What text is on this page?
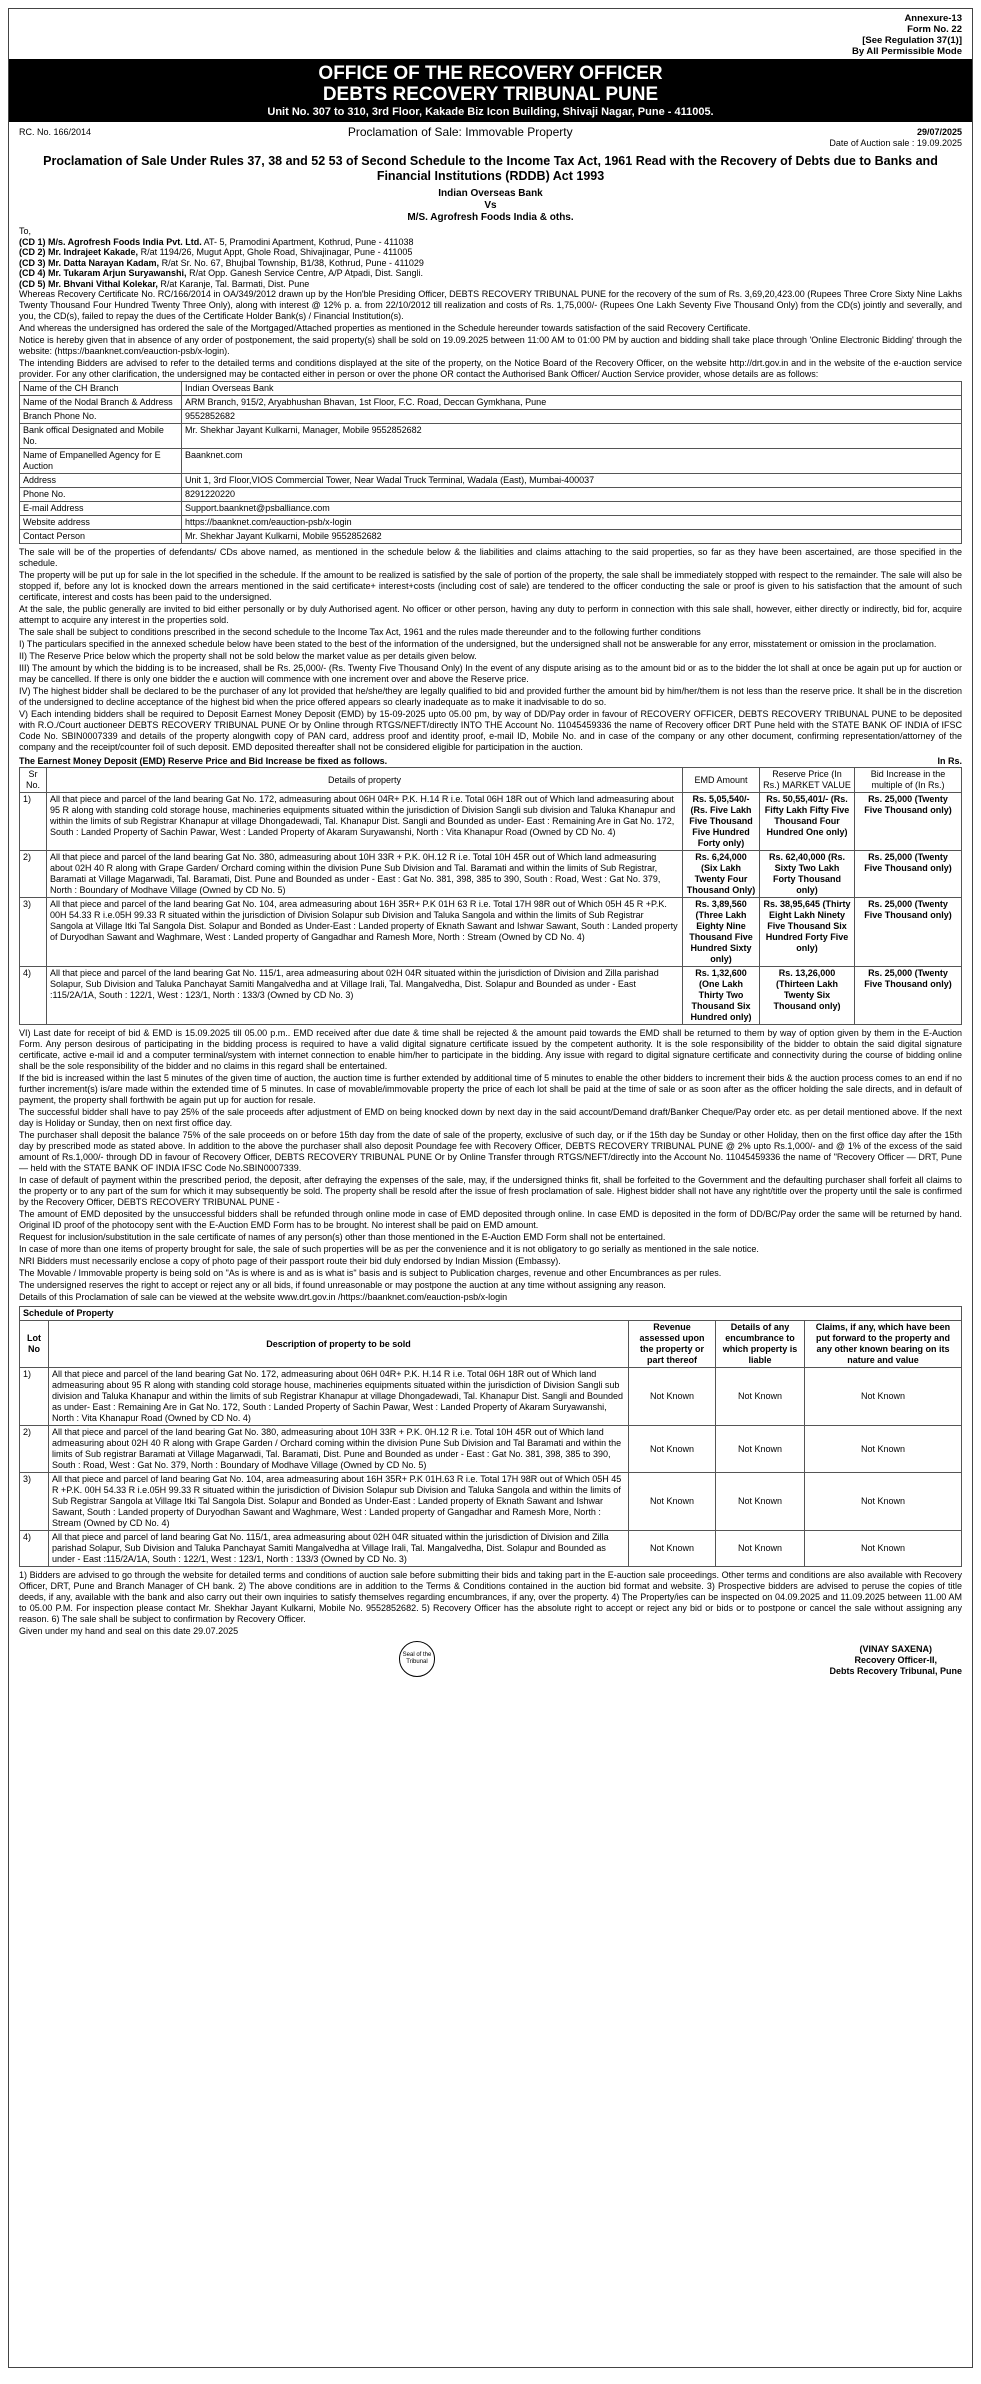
Annexure-13
Form No. 22
[See Regulation 37(1)]
By All Permissible Mode
OFFICE OF THE RECOVERY OFFICER
DEBTS RECOVERY TRIBUNAL PUNE
Unit No. 307 to 310, 3rd Floor, Kakade Biz Icon Building, Shivaji Nagar, Pune - 411005.
RC. No. 166/2014	Proclamation of Sale: Immovable Property	29/07/2025
Date of Auction sale : 19.09.2025
Proclamation of Sale Under Rules 37, 38 and 52 53 of Second Schedule to the Income Tax Act, 1961 Read with the Recovery of Debts due to Banks and Financial Institutions (RDDB) Act 1993
Indian Overseas Bank
Vs
M/S. Agrofresh Foods India & oths.
To,
(CD 1) M/s. Agrofresh Foods India Pvt. Ltd. AT- 5, Pramodini Apartment, Kothrud, Pune - 411038
(CD 2) Mr. Indrajeet Kakade, R/at 1194/26, Mugut Appt, Ghole Road, Shivajinagar, Pune - 411005
(CD 3) Mr. Datta Narayan Kadam, R/at Sr. No. 67, Bhujbal Township, B1/38, Kothrud, Pune - 411029
(CD 4) Mr. Tukaram Arjun Suryawanshi, R/at Opp. Ganesh Service Centre, A/P Atpadi, Dist. Sangli.
(CD 5) Mr. Bhvani Vithal Kolekar, R/at Karanje, Tal. Barmati, Dist. Pune

Whereas Recovery Certificate No. RC/166/2014 in OA/349/2012 drawn up by the Hon'ble Presiding Officer, DEBTS RECOVERY TRIBUNAL PUNE for the recovery of the sum of Rs. 3,69,20,423.00 (Rupees Three Crore Sixty Nine Lakhs Twenty Thousand Four Hundred Twenty Three Only), along with interest @ 12% p. a. from 22/10/2012 till realization and costs of Rs. 1,75,000/- (Rupees One Lakh Seventy Five Thousand Only) from the CD(s) jointly and severally, and you, the CD(s), failed to repay the dues of the Certificate Holder Bank(s) / Financial Institution(s).

And whereas the undersigned has ordered the sale of the Mortgaged/Attached properties as mentioned in the Schedule hereunder towards satisfaction of the said Recovery Certificate.

Notice is hereby given that in absence of any order of postponement, the said property(s) shall be sold on 19.09.2025 between 11:00 AM to 01:00 PM by auction and bidding shall take place through 'Online Electronic Bidding' through the website: (https://baanknet.com/eauction-psb/x-login).

The intending Bidders are advised to refer to the detailed terms and conditions displayed at the site of the property, on the Notice Board of the Recovery Officer, on the website http://drt.gov.in and in the website of the e-auction service provider. For any other clarification, the undersigned may be contacted either in person or over the phone OR contact the Authorised Bank Officer/ Auction Service provider, whose details are as follows:

Name of the CH Branch	Indian Overseas Bank
Name of the Nodal Branch & Address	ARM Branch, 915/2, Aryabhushan Bhavan, 1st Floor, F.C. Road, Deccan Gymkhana, Pune
Branch Phone No.	9552852682
Bank offical Designated and Mobile No.	Mr. Shekhar Jayant Kulkarni, Manager, Mobile 9552852682
Name of Empanelled Agency for E Auction	Baanknet.com
Address	Unit 1, 3rd Floor,VIOS Commercial Tower, Near Wadal Truck Terminal, Wadala (East), Mumbai-400037
Phone No.	8291220220
E-mail Address	Support.baanknet@psballiance.com
Website address	https://baanknet.com/eauction-psb/x-login
Contact Person	Mr. Shekhar Jayant Kulkarni, Mobile 9552852682

The sale will be of the properties of defendants/ CDs above named, as mentioned in the schedule below & the liabilities and claims attaching to the said properties, so far as they have been ascertained, are those specified in the schedule.

The property will be put up for sale in the lot specified in the schedule. If the amount to be realized is satisfied by the sale of portion of the property, the sale shall be immediately stopped with respect to the remainder. The sale will also be stopped if, before any lot is knocked down the arrears mentioned in the said certificate+ interest+costs (including cost of sale) are tendered to the officer conducting the sale or proof is given to his satisfaction that the amount of such certificate, interest and costs has been paid to the undersigned.

At the sale, the public generally are invited to bid either personally or by duly Authorised agent. No officer or other person, having any duty to perform in connection with this sale shall, however, either directly or indirectly, bid for, acquire attempt to acquire any interest in the properties sold.

The sale shall be subject to conditions prescribed in the second schedule to the Income Tax Act, 1961 and the rules made thereunder and to the following further conditions

I) The particulars specified in the annexed schedule below have been stated to the best of the information of the undersigned, but the undersigned shall not be answerable for any error, misstatement or omission in the proclamation.

II) The Reserve Price below which the property shall not be sold below the market value as per details given below.

III) The amount by which the bidding is to be increased, shall be Rs. 25,000/- (Rs. Twenty Five Thousand Only) In the event of any dispute arising as to the amount bid or as to the bidder the lot shall at once be again put up for auction or may be cancelled. If there is only one bidder the e auction will commence with one increment over and above the Reserve price.

IV) The highest bidder shall be declared to be the purchaser of any lot provided that he/she/they are legally qualified to bid and provided further the amount bid by him/her/them is not less than the reserve price. It shall be in the discretion of the undersigned to decline acceptance of the highest bid when the price offered appears so clearly inadequate as to make it inadvisable to do so.

V) Each intending bidders shall be required to Deposit Earnest Money Deposit (EMD) by 15-09-2025 upto 05.00 pm, by way of DD/Pay order in favour of RECOVERY OFFICER, DEBTS RECOVERY TRIBUNAL PUNE to be deposited with R.O./Court auctioneer DEBTS RECOVERY TRIBUNAL PUNE Or by Online through RTGS/NEFT/directly INTO THE Account No. 11045459336 the name of Recovery officer DRT Pune held with the STATE BANK OF INDIA of IFSC Code No. SBIN0007339 and details of the property alongwith copy of PAN card, address proof and identity proof, e-mail ID, Mobile No. and in case of the company or any other document, confirming representation/attorney of the company and the receipt/counter foil of such deposit. EMD deposited thereafter shall not be considered eligible for participation in the auction.

The Earnest Money Deposit (EMD) Reserve Price and Bid Increase be fixed as follows.	In Rs.
Sr No.	Details of property	EMD Amount	Reserve Price (In Rs.) MARKET VALUE	Bid Increase in the multiple of (In Rs.)
1)	All that piece and parcel of the land bearing Gat No. 172, admeasuring about 06H 04R+ P.K. H.14 R i.e. Total 06H 18R out of Which land admeasuring about 95 R along with standing cold storage house, machineries equipments situated within the jurisdiction of Division Sangli sub division and Taluka Khanapur and within the limits of sub Registrar Khanapur at village Dhongadewadi, Tal. Khanapur Dist. Sangli and Bounded as under- East : Remaining Are in Gat No. 172, South : Landed Property of Sachin Pawar, West : Landed Property of Akaram Suryawanshi, North : Vita Khanapur Road (Owned by CD No. 4)	Rs. 5,05,540/- (Rs. Five Lakh Five Thousand Five Hundred Forty only)	Rs. 50,55,401/- (Rs. Fifty Lakh Fifty Five Thousand Four Hundred One only)	Rs. 25,000 (Twenty Five Thousand only)
2)	All that piece and parcel of the land bearing Gat No. 380, admeasuring about 10H 33R + P.K. 0H.12 R i.e. Total 10H 45R out of Which land admeasuring about 02H 40 R along with Grape Garden/ Orchard coming within the division Pune Sub Division and Tal. Baramati and within the limits of Sub Registrar, Baramati at Village Magarwadi, Tal. Baramati, Dist. Pune and Bounded as under - East : Gat No. 381, 398, 385 to 390, South : Road, West : Gat No. 379, North : Boundary of Modhave Village (Owned by CD No. 5)	Rs. 6,24,000 (Six Lakh Twenty Four Thousand Only)	Rs. 62,40,000 (Rs. Sixty Two Lakh Forty Thousand only)	Rs. 25,000 (Twenty Five Thousand only)
3)	All that piece and parcel of the land bearing Gat No. 104, area admeasuring about 16H 35R+ P.K 01H 63 R i.e. Total 17H 98R out of Which 05H 45 R +P.K. 00H 54.33 R i.e.05H 99.33 R situated within the jurisdiction of Division Solapur sub Division and Taluka Sangola and within the limits of Sub Registrar Sangola at Village Itki Tal Sangola Dist. Solapur and Bonded as Under-East : Landed property of Eknath Sawant and Ishwar Sawant, South : Landed property of Duryodhan Sawant and Waghmare, West : Landed property of Gangadhar and Ramesh More, North : Stream (Owned by CD No. 4)	Rs. 3,89,560 (Three Lakh Eighty Nine Thousand Five Hundred Sixty only)	Rs. 38,95,645 (Thirty Eight Lakh Ninety Five Thousand Six Hundred Forty Five only)	Rs. 25,000 (Twenty Five Thousand only)
4)	All that piece and parcel of the land bearing Gat No. 115/1, area admeasuring about 02H 04R situated within the jurisdiction of Division and Zilla parishad Solapur, Sub Division and Taluka Panchayat Samiti Mangalvedha and at Village Irali, Tal. Mangalvedha, Dist. Solapur and Bounded as under - East :115/2A/1A, South : 122/1, West : 123/1, North : 133/3 (Owned by CD No. 3)	Rs. 1,32,600 (One Lakh Thirty Two Thousand Six Hundred only)	Rs. 13,26,000 (Thirteen Lakh Twenty Six Thousand only)	Rs. 25,000 (Twenty Five Thousand only)

VI) Last date for receipt of bid & EMD is 15.09.2025 till 05.00 p.m.. EMD received after due date & time shall be rejected & the amount paid towards the EMD shall be returned to them by way of option given by them in the E-Auction Form. Any person desirous of participating in the bidding process is required to have a valid digital signature certificate issued by the competent authority. It is the sole responsibility of the bidder to obtain the said digital signature certificate, active e-mail id and a computer terminal/system with internet connection to enable him/her to participate in the bidding. Any issue with regard to digital signature certificate and connectivity during the course of bidding online shall be the sole responsibility of the bidder and no claims in this regard shall be entertained.

If the bid is increased within the last 5 minutes of the given time of auction, the auction time is further extended by additional time of 5 minutes to enable the other bidders to increment their bids & the auction process comes to an end if no further increment(s) is/are made within the extended time of 5 minutes. In case of movable/immovable property the price of each lot shall be paid at the time of sale or as soon after as the officer holding the sale directs, and in default of payment, the property shall forthwith be again put up for auction for resale.

The successful bidder shall have to pay 25% of the sale proceeds after adjustment of EMD on being knocked down by next day in the said account/Demand draft/Banker Cheque/Pay order etc. as per detail mentioned above. If the next day is Holiday or Sunday, then on next first office day.

The purchaser shall deposit the balance 75% of the sale proceeds on or before 15th day from the date of sale of the property, exclusive of such day, or if the 15th day be Sunday or other Holiday, then on the first office day after the 15th day by prescribed mode as stated above. In addition to the above the purchaser shall also deposit Poundage fee with Recovery Officer, DEBTS RECOVERY TRIBUNAL PUNE @ 2% upto Rs.1,000/- and @ 1% of the excess of the said amount of Rs.1,000/- through DD in favour of Recovery Officer, DEBTS RECOVERY TRIBUNAL PUNE Or by Online Transfer through RTGS/NEFT/directly into the Account No. 11045459336 the name of "Recovery Officer — DRT, Pune — held with the STATE BANK OF INDIA IFSC Code No.SBIN0007339.

In case of default of payment within the prescribed period, the deposit, after defraying the expenses of the sale, may, if the undersigned thinks fit, shall be forfeited to the Government and the defaulting purchaser shall forfeit all claims to the property or to any part of the sum for which it may subsequently be sold. The property shall be resold after the issue of fresh proclamation of sale. Highest bidder shall not have any right/title over the property until the sale is confirmed by the Recovery Officer, DEBTS RECOVERY TRIBUNAL PUNE -

The amount of EMD deposited by the unsuccessful bidders shall be refunded through online mode in case of EMD deposited through online. In case EMD is deposited in the form of DD/BC/Pay order the same will be returned by hand. Original ID proof of the photocopy sent with the E-Auction EMD Form has to be brought. No interest shall be paid on EMD amount.

Request for inclusion/substitution in the sale certificate of names of any person(s) other than those mentioned in the E-Auction EMD Form shall not be entertained.

In case of more than one items of property brought for sale, the sale of such properties will be as per the convenience and it is not obligatory to go serially as mentioned in the sale notice.

NRI Bidders must necessarily enclose a copy of photo page of their passport route their bid duly endorsed by Indian Mission (Embassy).

The Movable / Immovable property is being sold on "As is where is and as is what is" basis and is subject to Publication charges, revenue and other Encumbrances as per rules.

The undersigned reserves the right to accept or reject any or all bids, if found unreasonable or may postpone the auction at any time without assigning any reason.

Details of this Proclamation of sale can be viewed at the website www.drt.gov.in /https://baanknet.com/eauction-psb/x-login

Schedule of Property				
Lot No	Description of property to be sold	Revenue assessed upon the property or part thereof	Details of any encumbrance to which property is liable	Claims, if any, which have been put forward to the property and any other known bearing on its nature and value
1)	All that piece and parcel of the land bearing Gat No. 172, admeasuring about 06H 04R+ P.K. H.14 R i.e. Total 06H 18R out of Which land admeasuring about 95 R along with standing cold storage house, machineries equipments situated within the jurisdiction of Division Sangli sub division and Taluka Khanapur and within the limits of sub Registrar Khanapur at village Dhongadewadi, Tal. Khanapur Dist. Sangli and Bounded as under- East : Remaining Are in Gat No. 172, South : Landed Property of Sachin Pawar, West : Landed Property of Akaram Suryawanshi, North : Vita Khanapur Road (Owned by CD No. 4)	Not Known	Not Known	Not Known
2)	All that piece and parcel of the land bearing Gat No. 380, admeasuring about 10H 33R + P.K. 0H.12 R i.e. Total 10H 45R out of Which land admeasuring about 02H 40 R along with Grape Garden / Orchard coming within the division Pune Sub Division and Tal Baramati and within the limits of Sub registrar Baramati at Village Magarwadi, Tal. Baramati, Dist. Pune and Bounded as under - East : Gat No. 381, 398, 385 to 390, South : Road, West : Gat No. 379, North : Boundary of Modhave Village (Owned by CD No. 5)	Not Known	Not Known	Not Known
3)	All that piece and parcel of land bearing Gat No. 104, area admeasuring about 16H 35R+ P.K 01H.63 R i.e. Total 17H 98R out of Which 05H 45 R +P.K. 00H 54.33 R i.e.05H 99.33 R situated within the jurisdiction of Division Solapur sub Division and Taluka Sangola and within the limits of Sub Registrar Sangola at Village Itki Tal Sangola Dist. Solapur and Bonded as Under-East : Landed property of Eknath Sawant and Ishwar Sawant, South : Landed property of Duryodhan Sawant and Waghmare, West : Landed property of Gangadhar and Ramesh More, North : Stream (Owned by CD No. 4)	Not Known	Not Known	Not Known
4)	All that piece and parcel of land bearing Gat No. 115/1, area admeasuring about 02H 04R situated within the jurisdiction of Division and Zilla parishad Solapur, Sub Division and Taluka Panchayat Samiti Mangalvedha at Village Irali, Tal. Mangalvedha, Dist. Solapur and Bounded as under - East :115/2A/1A, South : 122/1, West : 123/1, North : 133/3 (Owned by CD No. 3)	Not Known	Not Known	Not Known

1) Bidders are advised to go through the website for detailed terms and conditions of auction sale before submitting their bids and taking part in the E-auction sale proceedings. Other terms and conditions are also available with Recovery Officer, DRT, Pune and Branch Manager of CH bank. 2) The above conditions are in addition to the Terms & Conditions contained in the auction bid format and website. 3) Prospective bidders are advised to peruse the copies of title deeds, if any, available with the bank and also carry out their own inquiries to satisfy themselves regarding encumbrances, if any, over the property. 4) The Property/ies can be inspected on 04.09.2025 and 11.09.2025 between 11.00 AM to 05.00 P.M. For inspection please contact Mr. Shekhar Jayant Kulkarni, Mobile No. 9552852682. 5) Recovery Officer has the absolute right to accept or reject any bid or bids or to postpone or cancel the sale without assigning any reason. 6) The sale shall be subject to confirmation by Recovery Officer.

Given under my hand and seal on this date 29.07.2025
Seal of the Tribunal
(VINAY SAXENA)
Recovery Officer-II,
Debts Recovery Tribunal, Pune
